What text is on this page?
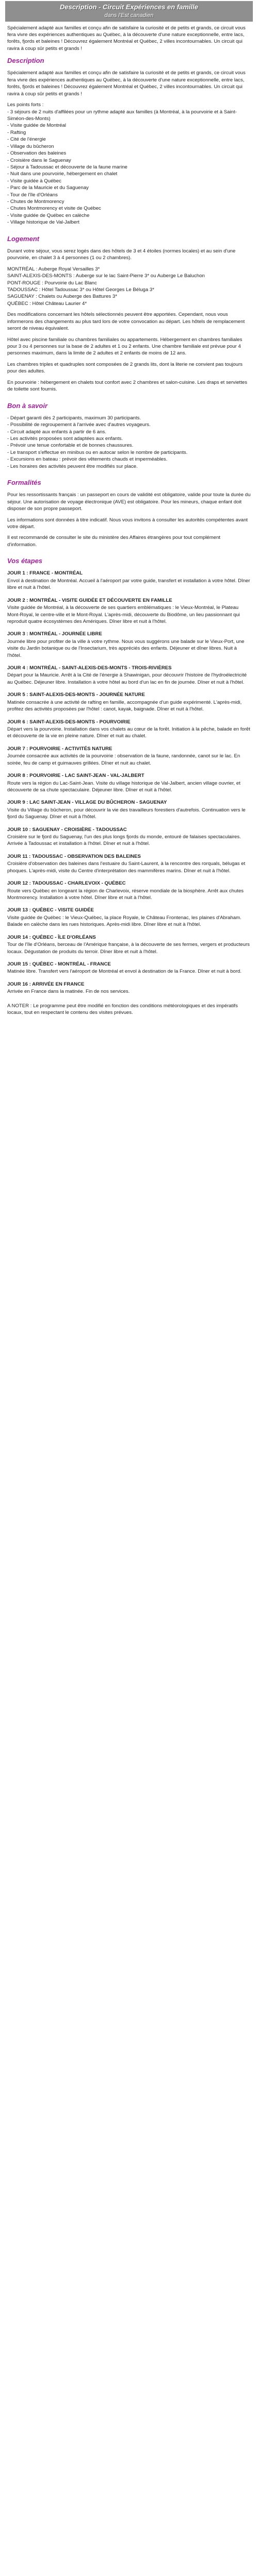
Description - Circuit Expériences en famille
dans l'Est canadien

Spécialement adapté aux familles et conçu afin de satisfaire la curiosité et de petits et grands, ce circuit vous fera vivre des expériences authentiques au Québec, à la découverte d'une nature exceptionnelle, entre lacs, forêts, fjords et baleines ! Découvrez également Montréal et Québec, 2 villes incontournables. Un circuit qui ravira à coup sûr petits et grands !

Description

Spécialement adapté aux familles et conçu afin de satisfaire la curiosité et de petits et grands, ce circuit vous fera vivre des expériences authentiques au Québec, à la découverte d'une nature exceptionnelle, entre lacs, forêts, fjords et baleines ! Découvrez également Montréal et Québec, 2 villes incontournables. Un circuit qui ravira à coup sûr petits et grands !

Les points forts :
- 3 séjours de 2 nuits d'affilées pour un rythme adapté aux familles (à Montréal, à la pourvoirie et à Saint-Siméon-des-Monts)
- Visite guidée de Montréal
- Rafting
- Cité de l'énergie
- Village du bûcheron
- Observation des baleines
- Croisière dans le Saguenay
- Séjour à Tadoussac et découverte de la faune marine
- Nuit dans une pourvoirie, hébergement en chalet
- Visite guidée à Québec
- Parc de la Mauricie et du Saguenay
- Tour de l'île d'Orléans
- Chutes de Montmorency
- Chutes Montmorency et visite de Québec
- Visite guidée de Québec en calèche
- Village historique de Val-Jalbert
Logement

Durant votre séjour, vous serez logés dans des hôtels de 3 et 4 étoiles (normes locales) et au sein d'une pourvoirie, en chalet 3 à 4 personnes (1 ou 2 chambres).

MONTRÉAL : Auberge Royal Versailles 3*
SAINT-ALEXIS-DES-MONTS : Auberge sur le lac Saint-Pierre 3* ou Auberge Le Baluchon
PONT-ROUGE : Pourvoirie du Lac Blanc
TADOUSSAC : Hôtel Tadoussac 3* ou Hôtel Georges Le Béluga 3*
SAGUENAY : Chalets ou Auberge des Battures 3*
QUÉBEC : Hôtel Château Laurier 4*

Des modifications concernant les hôtels sélectionnés peuvent être apportées. Cependant, nous vous informerons des changements au plus tard lors de votre convocation au départ. Les hôtels de remplacement seront de niveau équivalent.

Hôtel avec piscine familiale ou chambres familiales ou appartements. Hébergement en chambres familiales pour 3 ou 4 personnes sur la base de 2 adultes et 1 ou 2 enfants. Une chambre familiale est prévue pour 4 personnes maximum, dans la limite de 2 adultes et 2 enfants de moins de 12 ans.

Les chambres triples et quadruples sont composées de 2 grands lits, dont la literie ne convient pas toujours pour des adultes.

En pourvoirie : hébergement en chalets tout confort avec 2 chambres et salon-cuisine. Les draps et serviettes de toilette sont fournis.

Bon à savoir
- Départ garanti dès 2 participants, maximum 30 participants.
- Possibilité de regroupement à l'arrivée avec d'autres voyageurs.
- Circuit adapté aux enfants à partir de 6 ans.
- Les activités proposées sont adaptées aux enfants.
- Prévoir une tenue confortable et de bonnes chaussures.
- Le transport s'effectue en minibus ou en autocar selon le nombre de participants.
- Excursions en bateau : prévoir des vêtements chauds et imperméables.
- Les horaires des activités peuvent être modifiés sur place.
Formalités

Pour les ressortissants français : un passeport en cours de validité est obligatoire, valide pour toute la durée du séjour. Une autorisation de voyage électronique (AVE) est obligatoire. Pour les mineurs, chaque enfant doit disposer de son propre passeport.

Les informations sont données à titre indicatif. Nous vous invitons à consulter les autorités compétentes avant votre départ.

Il est recommandé de consulter le site du ministère des Affaires étrangères pour tout complément d'information.

Vos étapes
JOUR 1 : FRANCE - MONTRÉAL
Envol à destination de Montréal. Accueil à l'aéroport par votre guide, transfert et installation à votre hôtel. Dîner libre et nuit à l'hôtel.
JOUR 2 : MONTRÉAL - VISITE GUIDÉE ET DÉCOUVERTE EN FAMILLE
Visite guidée de Montréal, à la découverte de ses quartiers emblématiques : le Vieux-Montréal, le Plateau Mont-Royal, le centre-ville et le Mont-Royal. L'après-midi, découverte du Biodôme, un lieu passionnant qui reproduit quatre écosystèmes des Amériques. Dîner libre et nuit à l'hôtel.
JOUR 3 : MONTRÉAL - JOURNÉE LIBRE
Journée libre pour profiter de la ville à votre rythme. Nous vous suggérons une balade sur le Vieux-Port, une visite du Jardin botanique ou de l'Insectarium, très appréciés des enfants. Déjeuner et dîner libres. Nuit à l'hôtel.
JOUR 4 : MONTRÉAL - SAINT-ALEXIS-DES-MONTS - TROIS-RIVIÈRES
Départ pour la Mauricie. Arrêt à la Cité de l'énergie à Shawinigan, pour découvrir l'histoire de l'hydroélectricité au Québec. Déjeuner libre. Installation à votre hôtel au bord d'un lac en fin de journée. Dîner et nuit à l'hôtel.
JOUR 5 : SAINT-ALEXIS-DES-MONTS - JOURNÉE NATURE
Matinée consacrée à une activité de rafting en famille, accompagnée d'un guide expérimenté. L'après-midi, profitez des activités proposées par l'hôtel : canot, kayak, baignade. Dîner et nuit à l'hôtel.
JOUR 6 : SAINT-ALEXIS-DES-MONTS - POURVOIRIE
Départ vers la pourvoirie. Installation dans vos chalets au cœur de la forêt. Initiation à la pêche, balade en forêt et découverte de la vie en pleine nature. Dîner et nuit au chalet.
JOUR 7 : POURVOIRIE - ACTIVITÉS NATURE
Journée consacrée aux activités de la pourvoirie : observation de la faune, randonnée, canot sur le lac. En soirée, feu de camp et guimauves grillées. Dîner et nuit au chalet.
JOUR 8 : POURVOIRIE - LAC SAINT-JEAN - VAL-JALBERT
Route vers la région du Lac-Saint-Jean. Visite du village historique de Val-Jalbert, ancien village ouvrier, et découverte de sa chute spectaculaire. Déjeuner libre. Dîner et nuit à l'hôtel.
JOUR 9 : LAC SAINT-JEAN - VILLAGE DU BÛCHERON - SAGUENAY
Visite du Village du bûcheron, pour découvrir la vie des travailleurs forestiers d'autrefois. Continuation vers le fjord du Saguenay. Dîner et nuit à l'hôtel.
JOUR 10 : SAGUENAY - CROISIÈRE - TADOUSSAC
Croisière sur le fjord du Saguenay, l'un des plus longs fjords du monde, entouré de falaises spectaculaires. Arrivée à Tadoussac et installation à l'hôtel. Dîner et nuit à l'hôtel.
JOUR 11 : TADOUSSAC - OBSERVATION DES BALEINES
Croisière d'observation des baleines dans l'estuaire du Saint-Laurent, à la rencontre des rorquals, bélugas et phoques. L'après-midi, visite du Centre d'interprétation des mammifères marins. Dîner et nuit à l'hôtel.
JOUR 12 : TADOUSSAC - CHARLEVOIX - QUÉBEC
Route vers Québec en longeant la région de Charlevoix, réserve mondiale de la biosphère. Arrêt aux chutes Montmorency. Installation à votre hôtel. Dîner libre et nuit à l'hôtel.
JOUR 13 : QUÉBEC - VISITE GUIDÉE
Visite guidée de Québec : le Vieux-Québec, la place Royale, le Château Frontenac, les plaines d'Abraham. Balade en calèche dans les rues historiques. Après-midi libre. Dîner libre et nuit à l'hôtel.
JOUR 14 : QUÉBEC - ÎLE D'ORLÉANS
Tour de l'île d'Orléans, berceau de l'Amérique française, à la découverte de ses fermes, vergers et producteurs locaux. Dégustation de produits du terroir. Dîner libre et nuit à l'hôtel.
JOUR 15 : QUÉBEC - MONTRÉAL - FRANCE
Matinée libre. Transfert vers l'aéroport de Montréal et envol à destination de la France. Dîner et nuit à bord.
JOUR 16 : ARRIVÉE EN FRANCE
Arrivée en France dans la matinée. Fin de nos services.

A NOTER : Le programme peut être modifié en fonction des conditions météorologiques et des impératifs locaux, tout en respectant le contenu des visites prévues.
